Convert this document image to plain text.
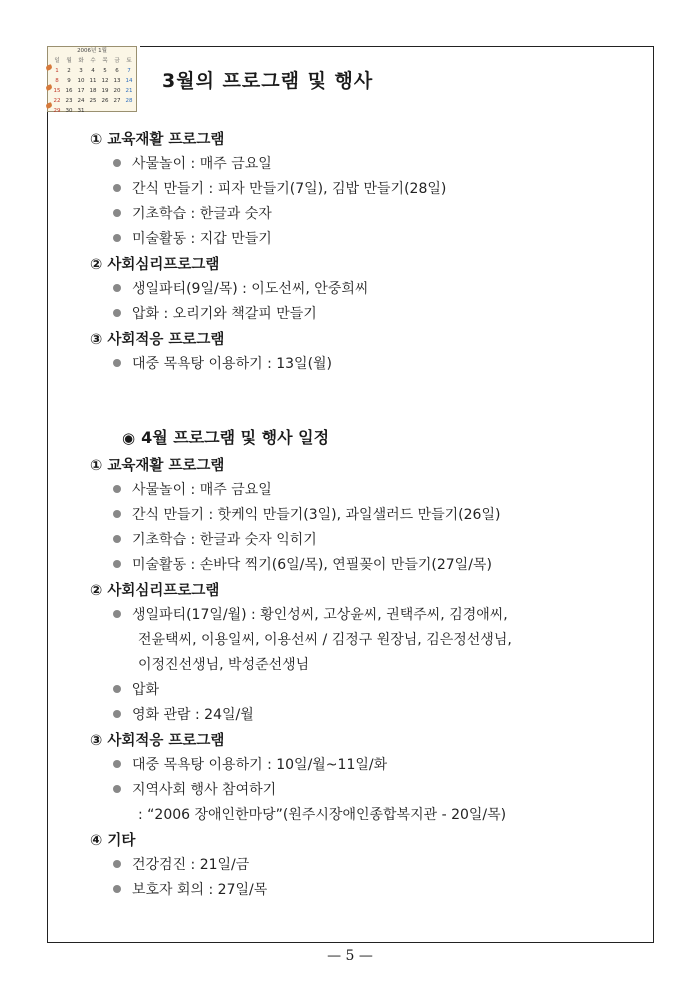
2006년 1월
일	월	화	수	목	금	토
1	2	3	4	5	6	7
8	9	10 11 12 13 14
15 16 17 18 19 20 21
22 23 24 25 26 27 28
29 30 31
3월의 프로그램 및 행사
① 교육재활 프로그램
사물놀이 : 매주 금요일
간식 만들기 : 피자 만들기(7일), 김밥 만들기(28일)
기초학습 : 한글과 숫자
미술활동 : 지갑 만들기
② 사회심리프로그램
생일파티(9일/목) : 이도선씨, 안중희씨
압화 : 오리기와 책갈피 만들기
③ 사회적응 프로그램
대중 목욕탕 이용하기 : 13일(월)
① 교육재활 프로그램
사물놀이 : 매주 금요일
간식 만들기 : 핫케익 만들기(3일), 과일샐러드 만들기(26일)
기초학습 : 한글과 숫자 익히기
미술활동 : 손바닥 찍기(6일/목), 연필꽂이 만들기(27일/목)
② 사회심리프로그램
생일파티(17일/월) : 황인성씨, 고상윤씨, 권택주씨, 김경애씨,
전윤택씨, 이용일씨, 이용선씨 / 김정구 원장님, 김은정선생님,
이정진선생님, 박성준선생님
압화
영화 관람 : 24일/월
③ 사회적응 프로그램
대중 목욕탕 이용하기 : 10일/월~11일/화
지역사회 행사 참여하기
: “2006 장애인한마당”(원주시장애인종합복지관 - 20일/목)
④ 기타
건강검진 : 21일/금
보호자 회의 : 27일/목
◉ 4월 프로그램 및 행사 일정
— 5 —
